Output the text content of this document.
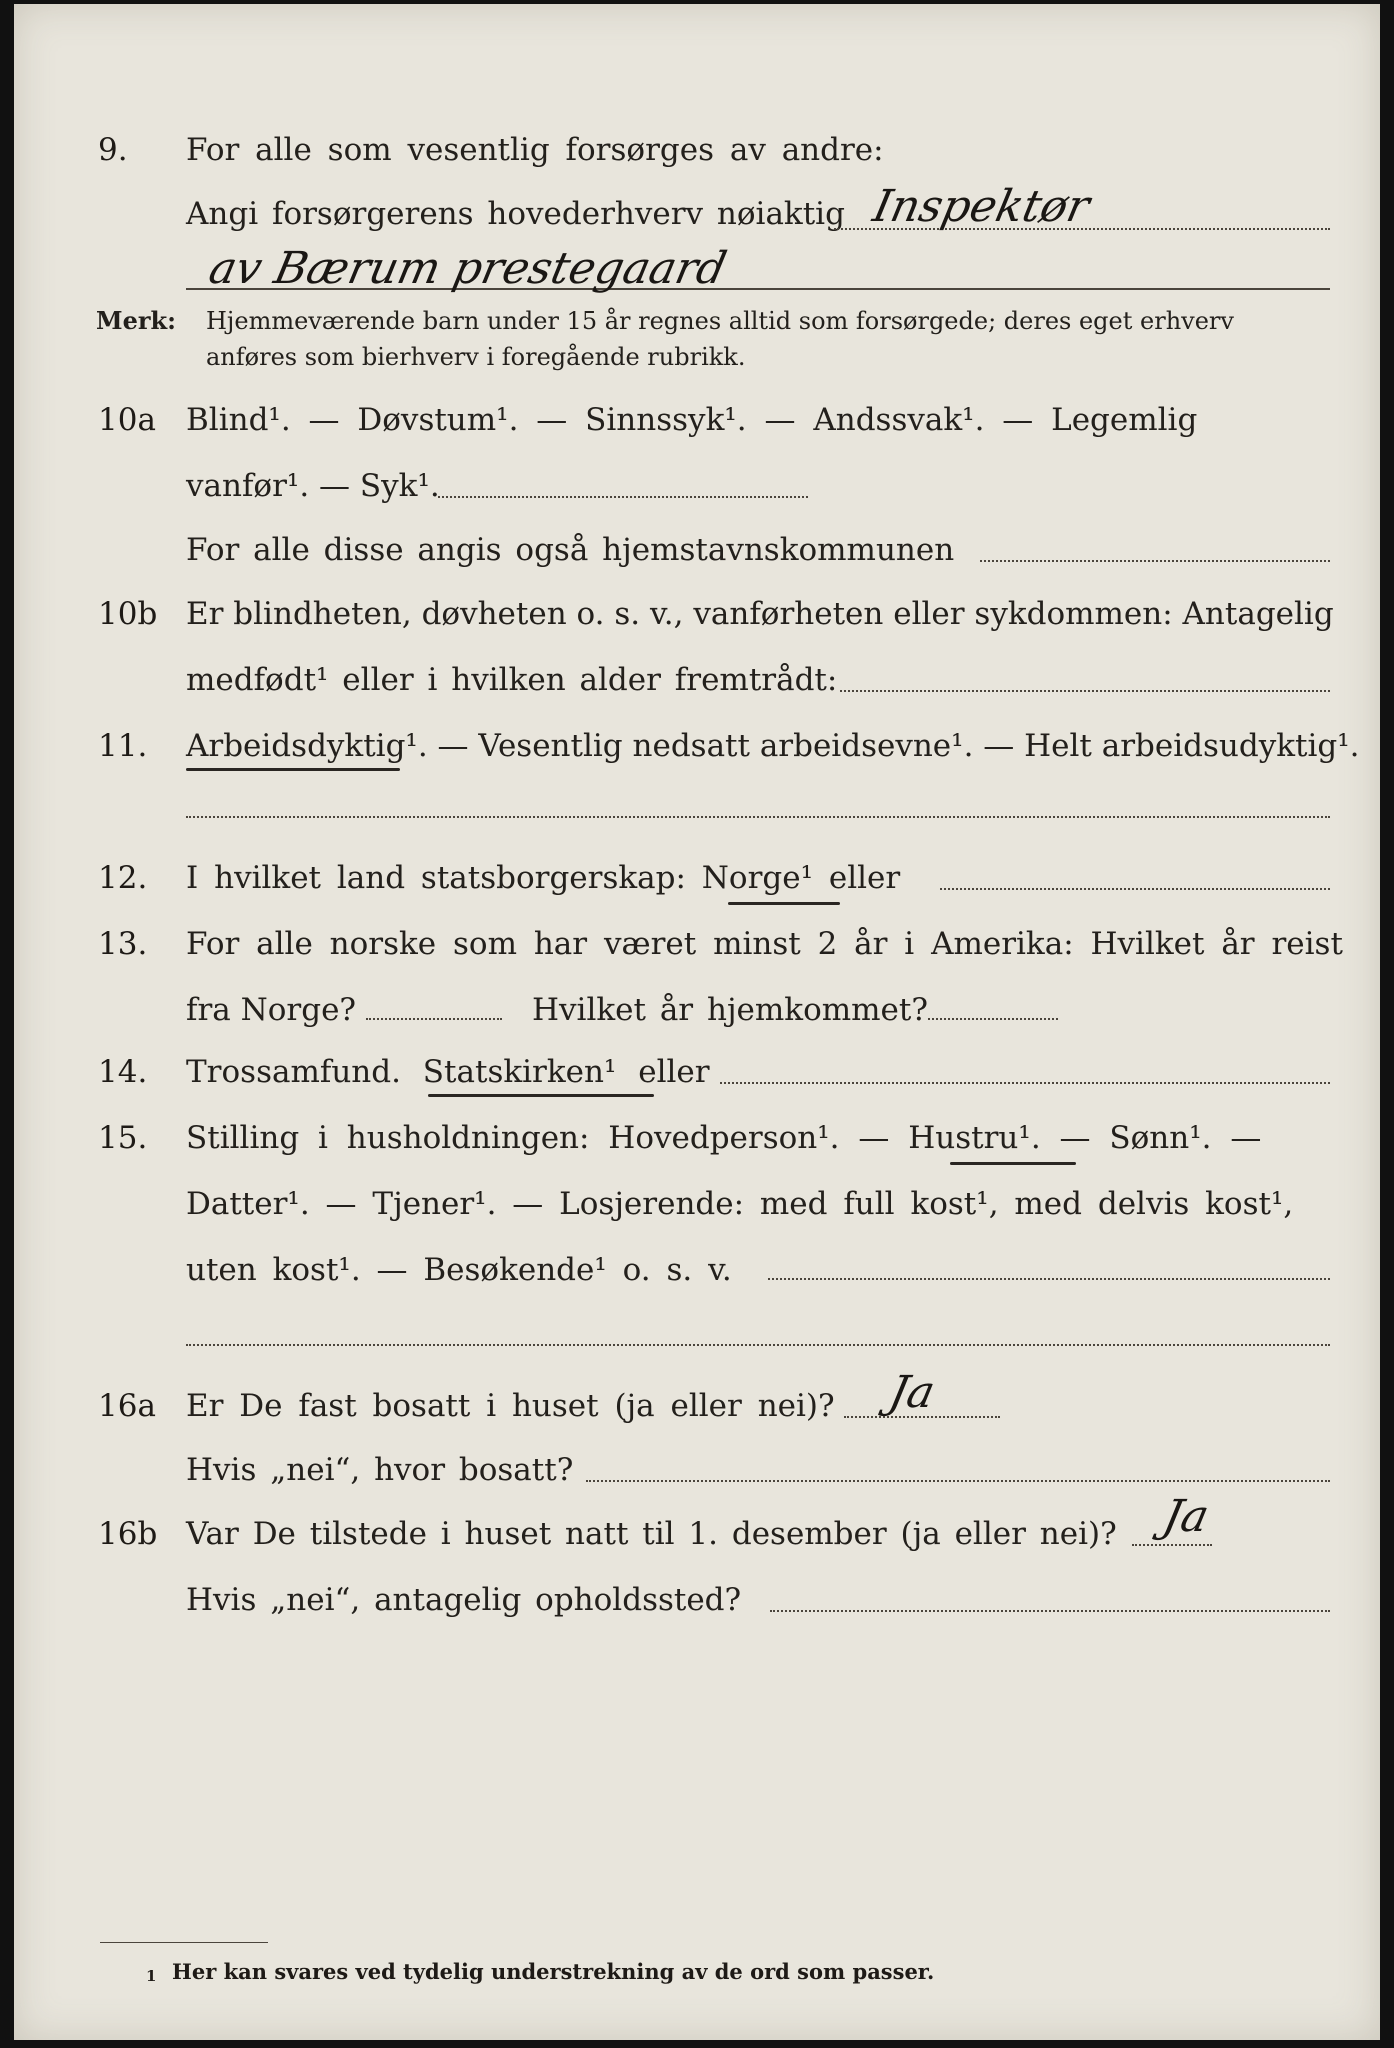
9. For alle som vesentlig forsørges av andre:
Angi forsørgerens hovederhverv nøiaktig Inspektør
av Bærum prestegaard
Merk: Hjemmeværende barn under 15 år regnes alltid som forsørgede; deres eget erhverv
anføres som bierhverv i foregående rubrikk.
10a Blind¹. — Døvstum¹. — Sinnssyk¹. — Andssvak¹. — Legemlig
vanfør¹. — Syk¹.
For alle disse angis også hjemstavnskommunen
10b Er blindheten, døvheten o. s. v., vanførheten eller sykdommen: Antagelig
medfødt¹ eller i hvilken alder fremtrådt:
11. Arbeidsdyktig¹. — Vesentlig nedsatt arbeidsevne¹. — Helt arbeidsudyktig¹.
12. I hvilket land statsborgerskap: Norge¹ eller
13. For alle norske som har været minst 2 år i Amerika: Hvilket år reist
fra Norge?	Hvilket år hjemkommet?
14. Trossamfund. Statskirken¹ eller
15. Stilling i husholdningen: Hovedperson¹. — Hustru¹. — Sønn¹. —
Datter¹. — Tjener¹. — Losjerende: med full kost¹, med delvis kost¹,
uten kost¹. — Besøkende¹ o. s. v.
16a Er De fast bosatt i huset (ja eller nei)? Ja
Hvis „nei“, hvor bosatt?
16b Var De tilstede i huset natt til 1. desember (ja eller nei)? Ja
Hvis „nei“, antagelig opholdssted?
1 Her kan svares ved tydelig understrekning av de ord som passer.
